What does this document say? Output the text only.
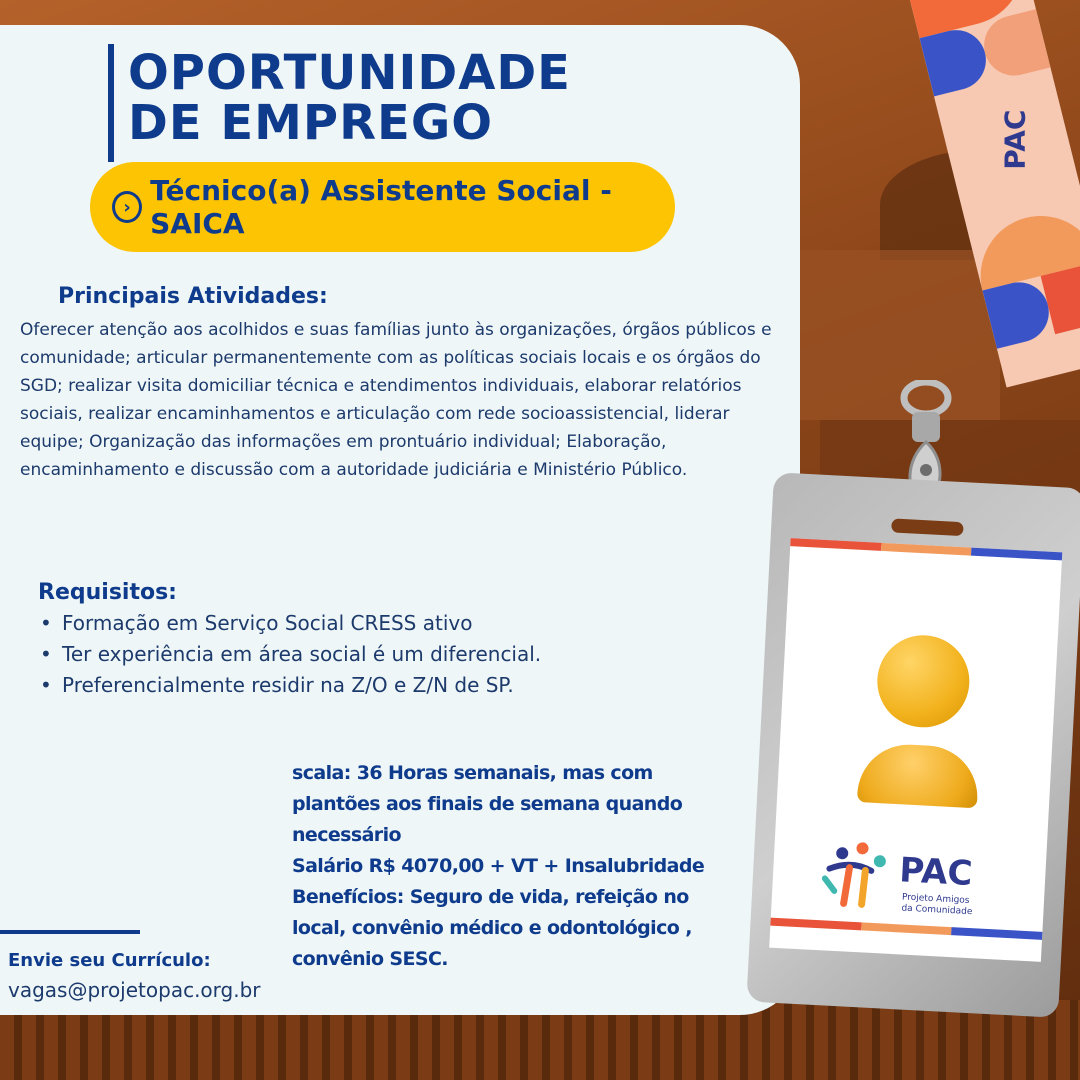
OPORTUNIDADE
DE EMPREGO
› Técnico(a) Assistente Social - SAICA
Principais Atividades:

Oferecer atenção aos acolhidos e suas famílias junto às organizações, órgãos públicos e comunidade; articular permanentemente com as políticas sociais locais e os órgãos do SGD; realizar visita domiciliar técnica e atendimentos individuais, elaborar relatórios sociais, realizar encaminhamentos e articulação com rede socioassistencial, liderar equipe; Organização das informações em prontuário individual; Elaboração, encaminhamento e discussão com a autoridade judiciária e Ministério Público.

Requisitos:
• Formação em Serviço Social CRESS ativo
• Ter experiência em área social é um diferencial.
• Preferencialmente residir na Z/O e Z/N de SP.
scala: 36 Horas semanais, mas com plantões aos finais de semana quando necessário
Salário R$ 4070,00 + VT + Insalubridade
Benefícios: Seguro de vida, refeição no local, convênio médico e odontológico , convênio SESC.
Envie seu Currículo:
vagas@projetopac.org.br
PAC
PAC
Projeto Amigos
da Comunidade
